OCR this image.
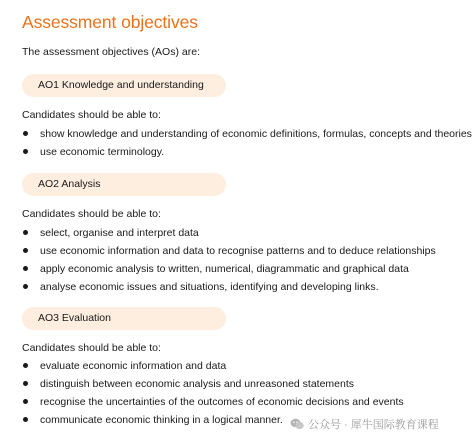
Assessment objectives
The assessment objectives (AOs) are:
AO1 Knowledge and understanding
Candidates should be able to:
show knowledge and understanding of economic definitions, formulas, concepts and theories
use economic terminology.
AO2 Analysis
Candidates should be able to:
select, organise and interpret data
use economic information and data to recognise patterns and to deduce relationships
apply economic analysis to written, numerical, diagrammatic and graphical data
analyse economic issues and situations, identifying and developing links.
AO3 Evaluation
Candidates should be able to:
evaluate economic information and data
distinguish between economic analysis and unreasoned statements
recognise the uncertainties of the outcomes of economic decisions and events
communicate economic thinking in a logical manner.	公众号 · 犀牛国际教育课程
